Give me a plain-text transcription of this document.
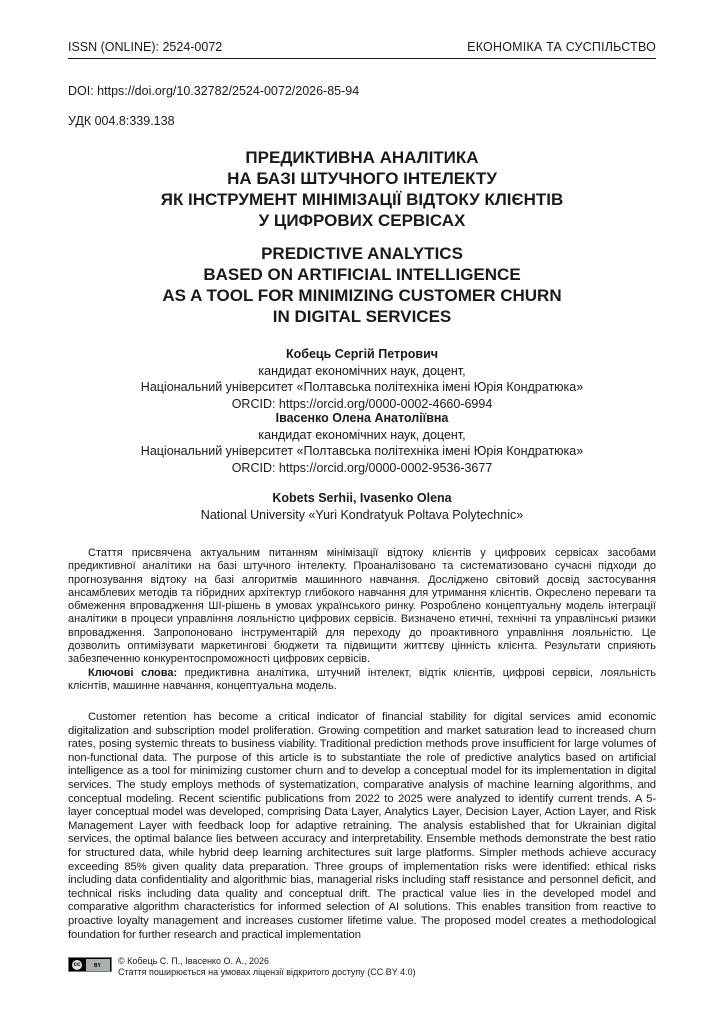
ISSN (ONLINE): 2524-0072	ЕКОНОМІКА ТА СУСПІЛЬСТВО
DOI: https://doi.org/10.32782/2524-0072/2026-85-94
УДК 004.8:339.138
ПРЕДИКТИВНА АНАЛІТИКА
НА БАЗІ ШТУЧНОГО ІНТЕЛЕКТУ
ЯК ІНСТРУМЕНТ МІНІМІЗАЦІЇ ВІДТОКУ КЛІЄНТІВ
У ЦИФРОВИХ СЕРВІСАХ
PREDICTIVE ANALYTICS
BASED ON ARTIFICIAL INTELLIGENCE
AS A TOOL FOR MINIMIZING CUSTOMER CHURN
IN DIGITAL SERVICES
Кобець Сергій Петрович
кандидат економічних наук, доцент,
Національний університет «Полтавська політехніка імені Юрія Кондратюка»
ORCID: https://orcid.org/0000-0002-4660-6994
Івасенко Олена Анатоліївна
кандидат економічних наук, доцент,
Національний університет «Полтавська політехніка імені Юрія Кондратюка»
ORCID: https://orcid.org/0000-0002-9536-3677
Kobets Serhii, Ivasenko Olena
National University «Yuri Kondratyuk Poltava Polytechnic»

Стаття присвячена актуальним питанням мінімізації відтоку клієнтів у цифрових сервісах засобами предиктивної аналітики на базі штучного інтелекту. Проаналізовано та систематизовано сучасні підходи до прогнозування відтоку на базі алгоритмів машинного навчання. Досліджено світовий досвід застосування ансамблевих методів та гібридних архітектур глибокого навчання для утримання клієнтів. Окреслено переваги та обмеження впровадження ШІ-рішень в умовах українського ринку. Розроблено концептуальну модель інтеграції аналітики в процеси управління лояльністю цифрових сервісів. Визначено етичні, технічні та управлінські ризики впровадження. Запропоновано інструментарій для переходу до проактивного управління лояльністю. Це дозволить оптимізувати маркетингові бюджети та підвищити життєву цінність клієнта. Результати сприяють забезпеченню конкурентоспроможності цифрових сервісів.

Ключові слова: предиктивна аналітика, штучний інтелект, відтік клієнтів, цифрові сервіси, лояльність клієнтів, машинне навчання, концептуальна модель.

Customer retention has become a critical indicator of financial stability for digital services amid economic digitalization and subscription model proliferation. Growing competition and market saturation lead to increased churn rates, posing systemic threats to business viability. Traditional prediction methods prove insufficient for large volumes of non-functional data. The purpose of this article is to substantiate the role of predictive analytics based on artificial intelligence as a tool for minimizing customer churn and to develop a conceptual model for its implementation in digital services. The study employs methods of systematization, comparative analysis of machine learning algorithms, and conceptual modeling. Recent scientific publications from 2022 to 2025 were analyzed to identify current trends. A 5-layer conceptual model was developed, comprising Data Layer, Analytics Layer, Decision Layer, Action Layer, and Risk Management Layer with feedback loop for adaptive retraining. The analysis established that for Ukrainian digital services, the optimal balance lies between accuracy and interpretability. Ensemble methods demonstrate the best ratio for structured data, while hybrid deep learning architectures suit large platforms. Simpler methods achieve accuracy exceeding 85% given quality data preparation. Three groups of implementation risks were identified: ethical risks including data confidentiality and algorithmic bias, managerial risks including staff resistance and personnel deficit, and technical risks including data quality and conceptual drift. The practical value lies in the developed model and comparative algorithm characteristics for informed selection of AI solutions. This enables transition from reactive to proactive loyalty management and increases customer lifetime value. The proposed model creates a methodological foundation for further research and practical implementation

cc	BY © Кобець С. П., Івасенко О. А., 2026
Стаття поширюється на умовах ліцензії відкритого доступу (CC BY 4.0)
